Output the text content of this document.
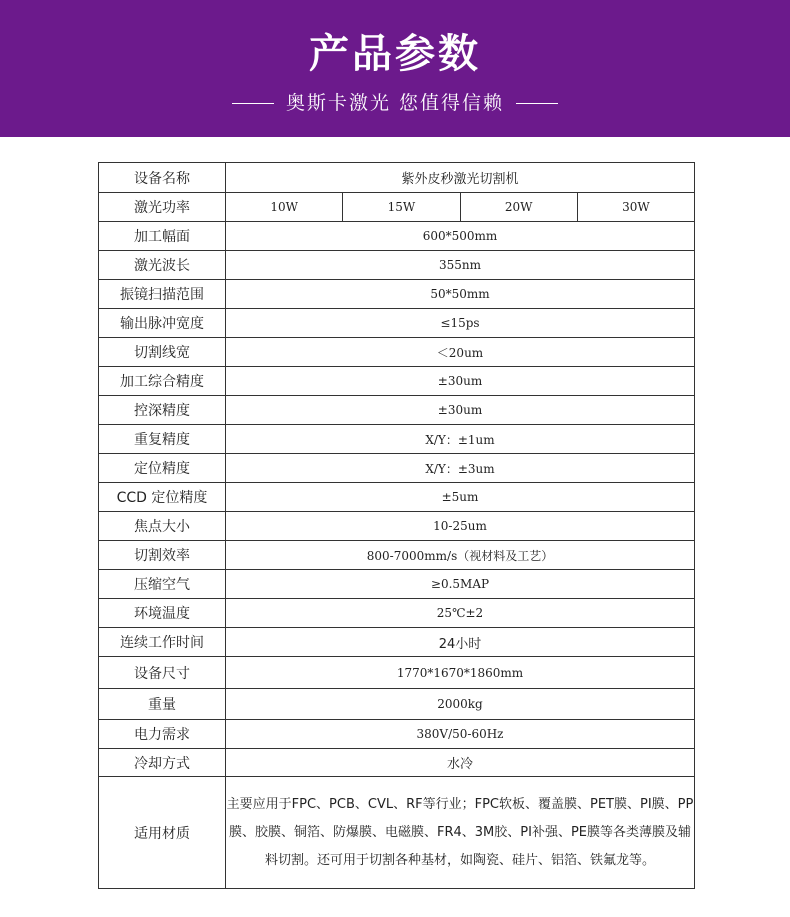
产品参数
奥斯卡激光 您值得信赖
设备名称	紫外皮秒激光切割机			
激光功率	10W	15W	20W	30W
加工幅面	600*500mm			
激光波长	355nm			
振镜扫描范围	50*50mm			
输出脉冲宽度	≤15ps			
切割线宽	＜20um			
加工综合精度	±30um			
控深精度	±30um			
重复精度	X/Y：±1um			
定位精度	X/Y：±3um			
CCD 定位精度	±5um			
焦点大小	10-25um			
切割效率	800-7000mm/s（视材料及工艺）			
压缩空气	≥0.5MAP			
环境温度	25℃±2			
连续工作时间	24小时			
设备尺寸	1770*1670*1860mm			
重量	2000kg			
电力需求	380V/50-60Hz			
冷却方式	水冷			
适用材质	主要应用于FPC、PCB、CVL、RF等行业；FPC软板、覆盖膜、PET膜、PI膜、PP膜、胶膜、铜箔、防爆膜、电磁膜、FR4、3M胶、PI补强、PE膜等各类薄膜及辅料切割。还可用于切割各种基材，如陶瓷、硅片、铝箔、铁氟龙等。			
